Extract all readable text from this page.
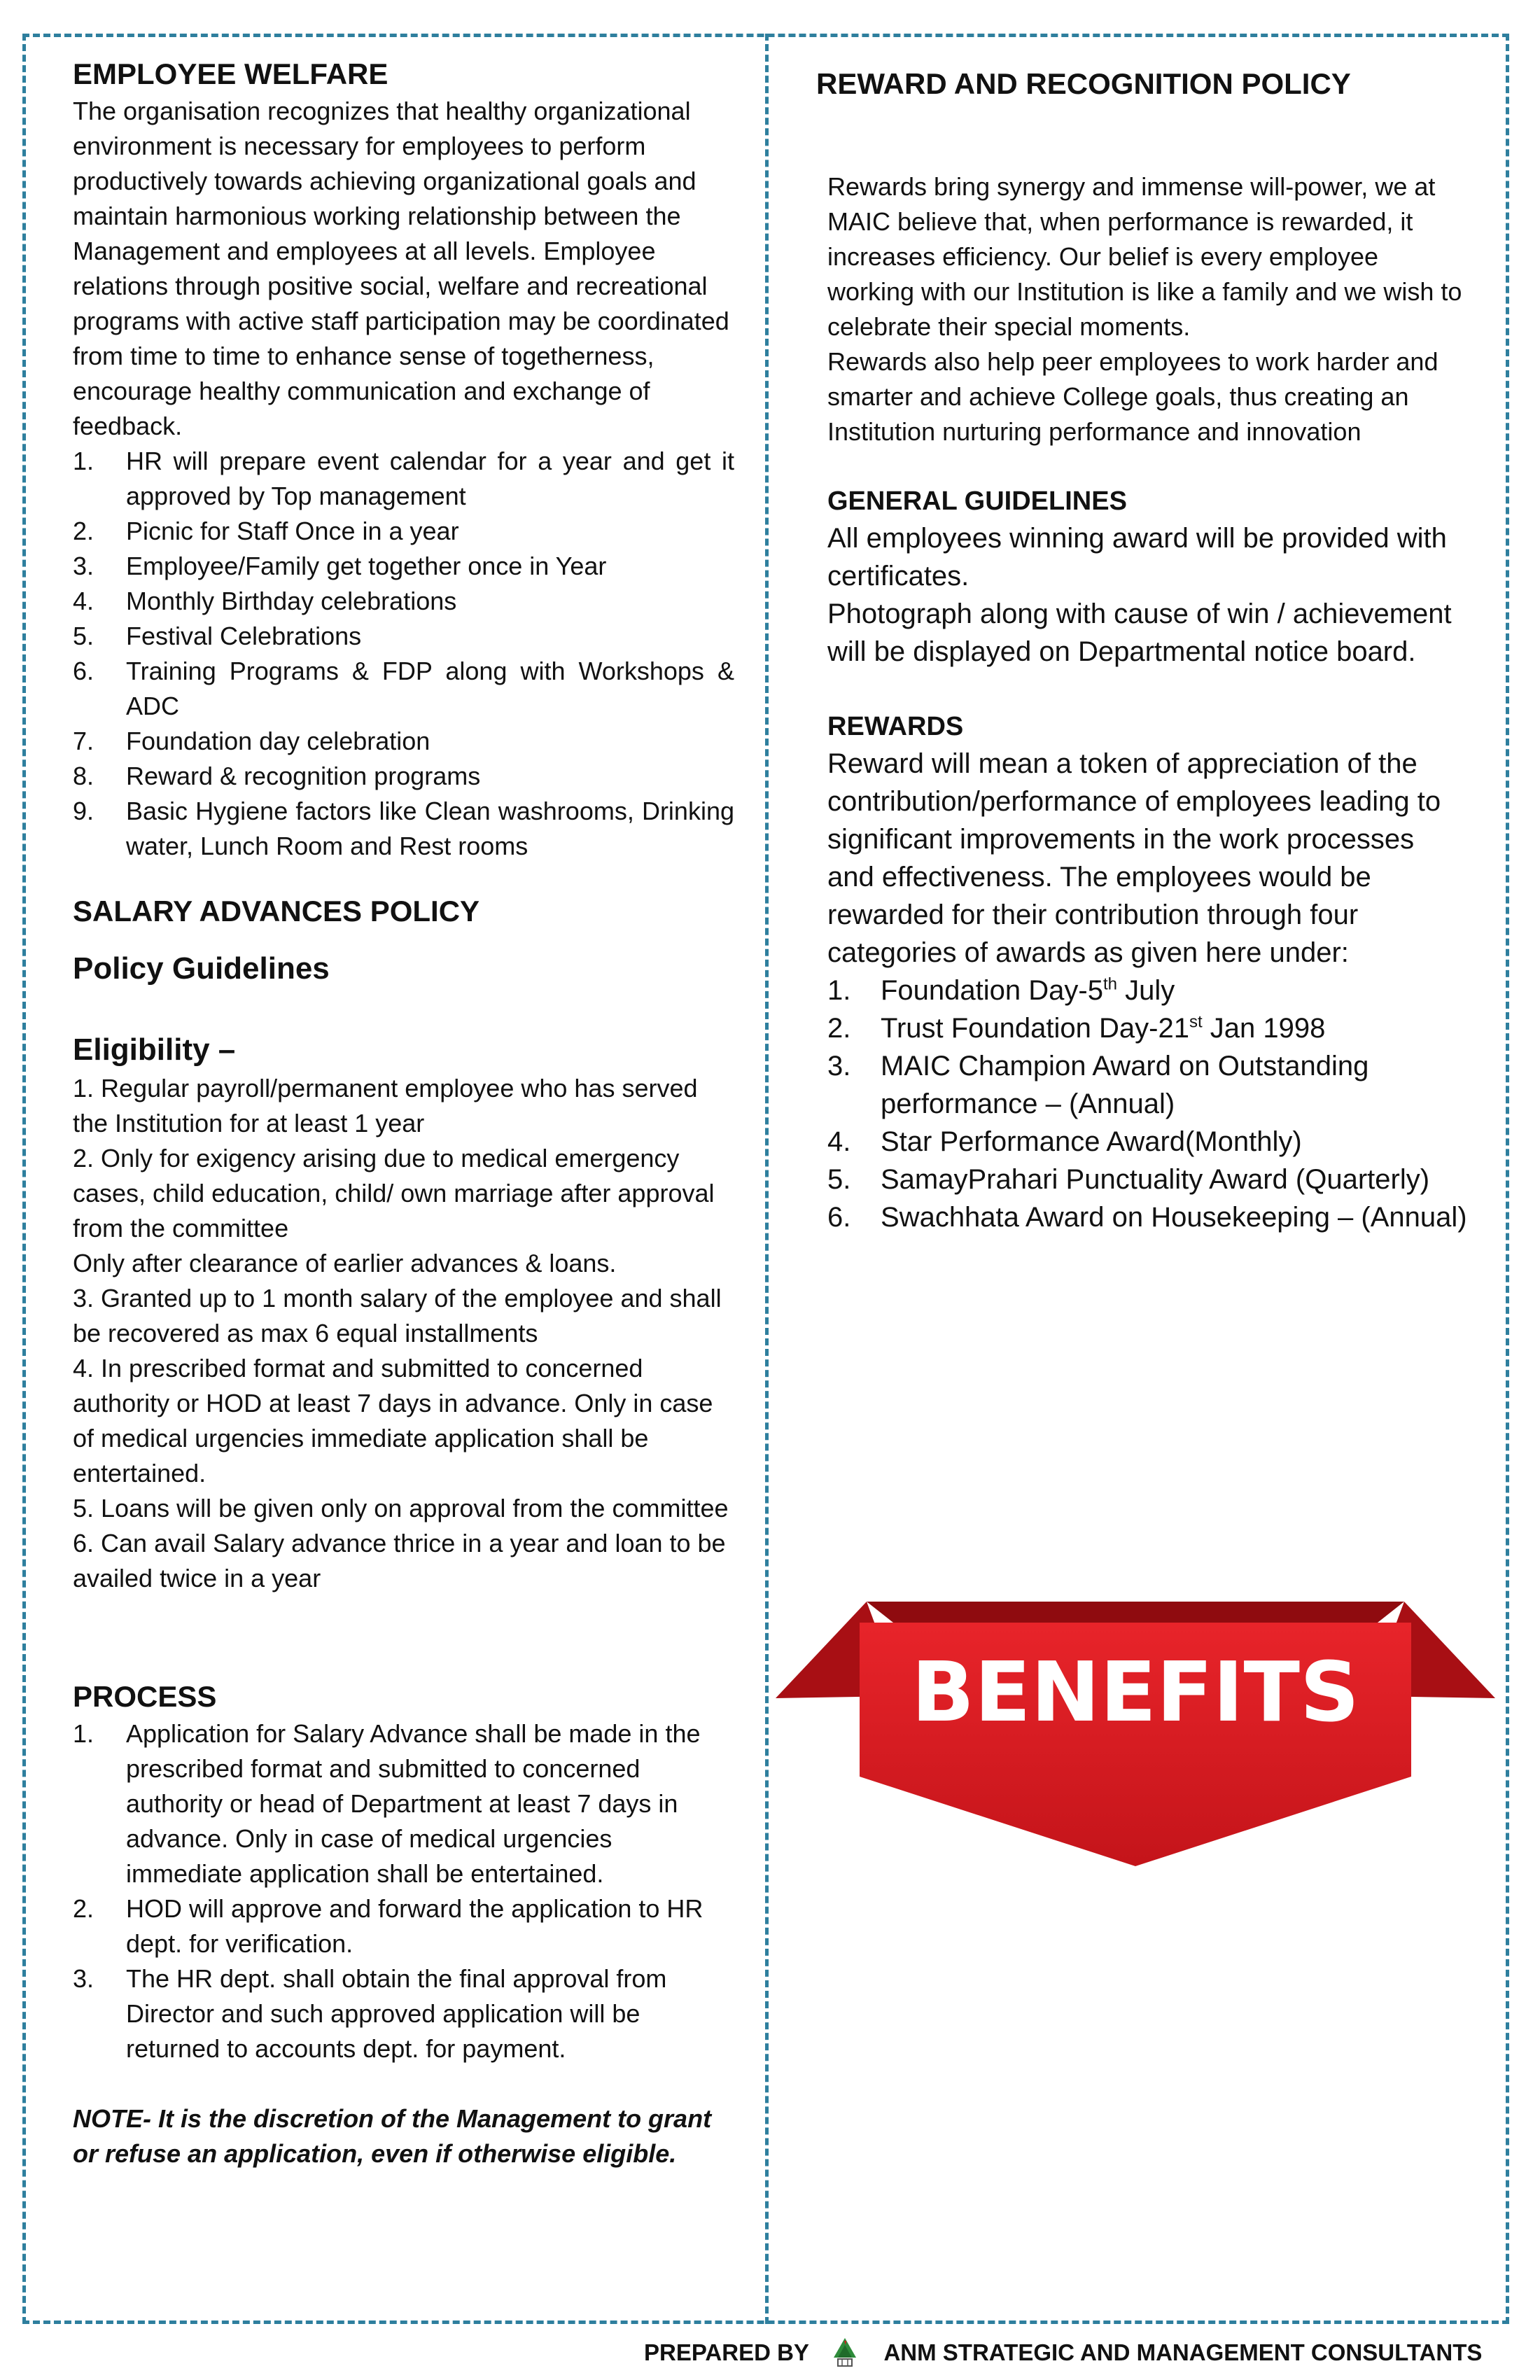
EMPLOYEE WELFARE

The organisation recognizes that healthy organizational environment is necessary for employees to perform productively towards achieving organizational goals and maintain harmonious working relationship between the Management and employees at all levels. Employee relations through positive social, welfare and recreational programs with active staff participation may be coordinated from time to time to enhance sense of togetherness, encourage healthy communication and exchange of feedback.

1. HR will prepare event calendar for a year and get it approved by Top management

2. Picnic for Staff Once in a year

3. Employee/Family get together once in Year

4. Monthly Birthday celebrations

5. Festival Celebrations

6. Training Programs & FDP along with Workshops & ADC

7. Foundation day celebration

8. Reward & recognition programs

9. Basic Hygiene factors like Clean washrooms, Drinking water, Lunch Room and Rest rooms

SALARY ADVANCES POLICY

Policy Guidelines

Eligibility –

1. Regular payroll/permanent employee who has served the Institution for at least 1 year

2. Only for exigency arising due to medical emergency cases, child education, child/ own marriage after approval from the committee

Only after clearance of earlier advances & loans.

3. Granted up to 1 month salary of the employee and shall be recovered as max 6 equal installments

4. In prescribed format and submitted to concerned authority or HOD at least 7 days in advance. Only in case of medical urgencies immediate application shall be entertained.

5. Loans will be given only on approval from the committee

6. Can avail Salary advance thrice in a year and loan to be availed twice in a year

PROCESS

1. Application for Salary Advance shall be made in the prescribed format and submitted to concerned authority or head of Department at least 7 days in advance. Only in case of medical urgencies immediate application shall be entertained.

2. HOD will approve and forward the application to HR dept. for verification.

3. The HR dept. shall obtain the final approval from Director and such approved application will be returned to accounts dept. for payment.

NOTE- It is the discretion of the Management to grant or refuse an application, even if otherwise eligible.

REWARD AND RECOGNITION POLICY

Rewards bring synergy and immense will-power, we at MAIC believe that, when performance is rewarded, it increases efficiency. Our belief is every employee working with our Institution is like a family and we wish to celebrate their special moments.

Rewards also help peer employees to work harder and smarter and achieve College goals, thus creating an Institution nurturing performance and innovation

GENERAL GUIDELINES

All employees winning award will be provided with certificates.

Photograph along with cause of win / achievement will be displayed on Departmental notice board.

REWARDS

Reward will mean a token of appreciation of the contribution/performance of employees leading to significant improvements in the work processes and effectiveness. The employees would be rewarded for their contribution through four categories of awards as given here under:

1. Foundation Day-5th July

2. Trust Foundation Day-21st Jan 1998

3. MAIC Champion Award on Outstanding performance – (Annual)

4. Star Performance Award(Monthly)

5. SamayPrahari Punctuality Award (Quarterly)

6. Swachhata Award on Housekeeping – (Annual)

BENEFITS
PREPARED BY	ANM STRATEGIC AND MANAGEMENT CONSULTANTS
